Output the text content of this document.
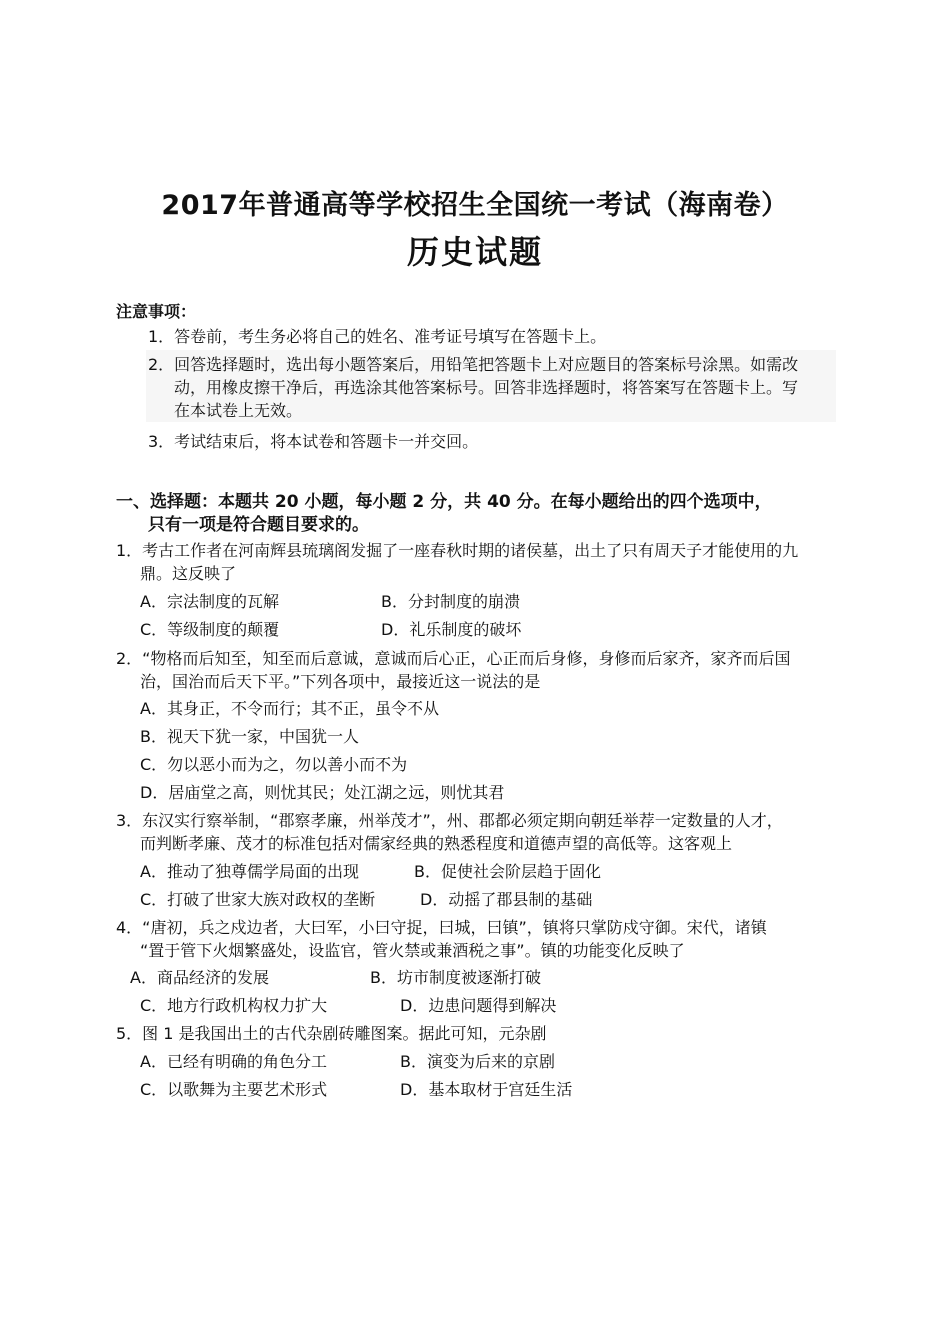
2017年普通高等学校招生全国统一考试（海南卷）
历史试题
注意事项：
1．答卷前，考生务必将自己的姓名、准考证号填写在答题卡上。
2．回答选择题时，选出每小题答案后，用铅笔把答题卡上对应题目的答案标号涂黑。如需改
动，用橡皮擦干净后，再选涂其他答案标号。回答非选择题时，将答案写在答题卡上。写
在本试卷上无效。
3．考试结束后，将本试卷和答题卡一并交回。
一、选择题：本题共 20 小题，每小题 2 分，共 40 分。在每小题给出的四个选项中，
只有一项是符合题目要求的。
1．考古工作者在河南辉县琉璃阁发掘了一座春秋时期的诸侯墓，出土了只有周天子才能使用的九
鼎。这反映了
A．宗法制度的瓦解	B．分封制度的崩溃
C．等级制度的颠覆	D．礼乐制度的破坏
2．“物格而后知至，知至而后意诚，意诚而后心正，心正而后身修，身修而后家齐，家齐而后国
治，国治而后天下平。”下列各项中，最接近这一说法的是
A．其身正，不令而行；其不正，虽令不从
B．视天下犹一家，中国犹一人
C．勿以恶小而为之，勿以善小而不为
D．居庙堂之高，则忧其民；处江湖之远，则忧其君
3．东汉实行察举制，“郡察孝廉，州举茂才”，州、郡都必须定期向朝廷举荐一定数量的人才，
而判断孝廉、茂才的标准包括对儒家经典的熟悉程度和道德声望的高低等。这客观上
A．推动了独尊儒学局面的出现	B．促使社会阶层趋于固化
C．打破了世家大族对政权的垄断	D．动摇了郡县制的基础
4．“唐初，兵之戍边者，大曰军，小曰守捉，曰城，曰镇”，镇将只掌防戍守御。宋代，诸镇
“置于管下火烟繁盛处，设监官，管火禁或兼酒税之事”。镇的功能变化反映了
A．商品经济的发展	B．坊市制度被逐渐打破
C．地方行政机构权力扩大	D．边患问题得到解决
5．图 1 是我国出土的古代杂剧砖雕图案。据此可知，元杂剧
A．已经有明确的角色分工	B．演变为后来的京剧
C．以歌舞为主要艺术形式	D．基本取材于宫廷生活
